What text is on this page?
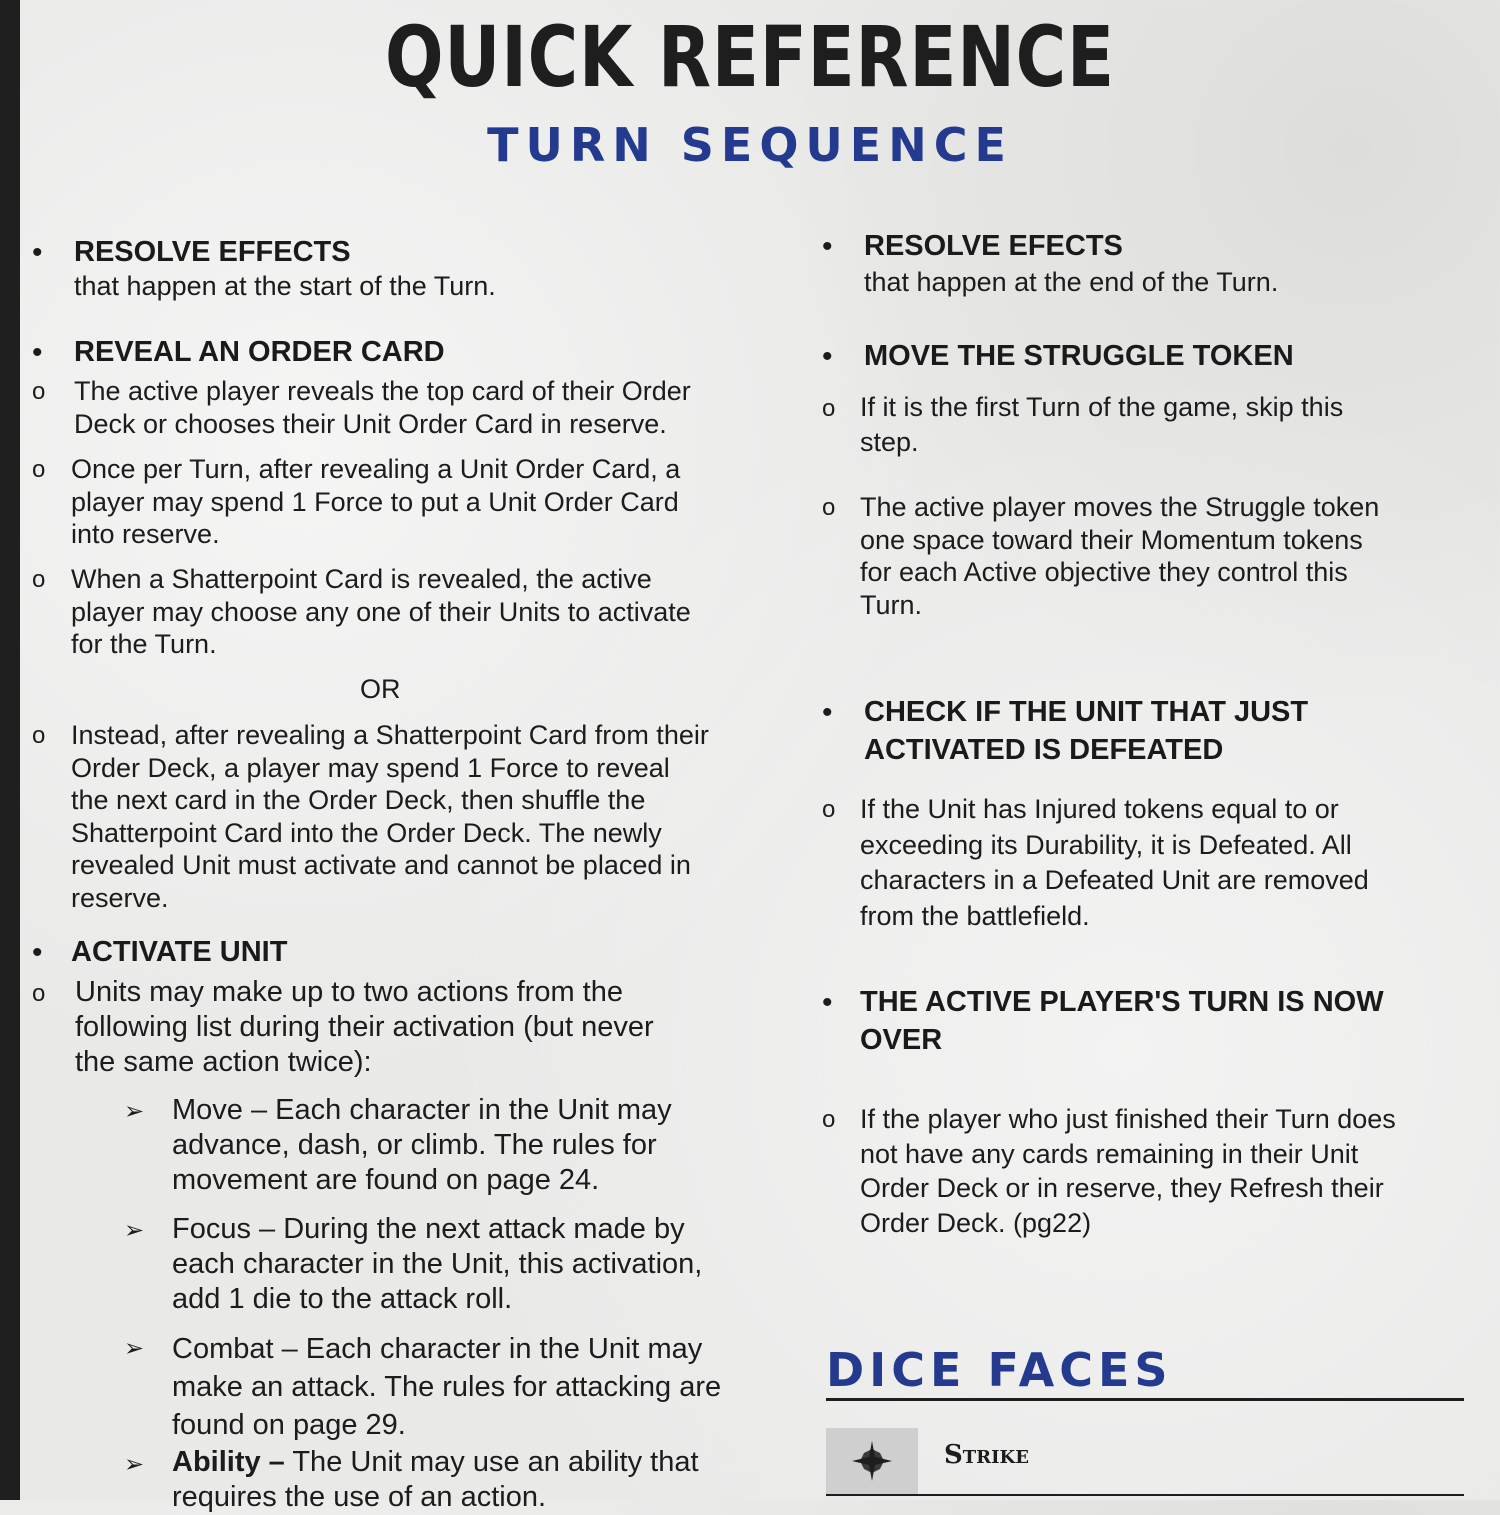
QUICK REFERENCE
TURN SEQUENCE
• RESOLVE EFFECTS
that happen at the start of the Turn.
• REVEAL AN ORDER CARD
o The active player reveals the top card of their Order
Deck or chooses their Unit Order Card in reserve.
o Once per Turn, after revealing a Unit Order Card, a
player may spend 1 Force to put a Unit Order Card
into reserve.
o When a Shatterpoint Card is revealed, the active
player may choose any one of their Units to activate
for the Turn.
OR
o Instead, after revealing a Shatterpoint Card from their
Order Deck, a player may spend 1 Force to reveal
the next card in the Order Deck, then shuffle the
Shatterpoint Card into the Order Deck. The newly
revealed Unit must activate and cannot be placed in
reserve.
• ACTIVATE UNIT
o Units may make up to two actions from the
following list during their activation (but never
the same action twice):
➢ Move – Each character in the Unit may
advance, dash, or climb. The rules for
movement are found on page 24.
➢ Focus – During the next attack made by
each character in the Unit, this activation,
add 1 die to the attack roll.
➢ Combat – Each character in the Unit may
make an attack. The rules for attacking are
found on page 29.
➢ Ability – The Unit may use an ability that
requires the use of an action.
• RESOLVE EFECTS
that happen at the end of the Turn.
• MOVE THE STRUGGLE TOKEN
o If it is the first Turn of the game, skip this
step.
o The active player moves the Struggle token
one space toward their Momentum tokens
for each Active objective they control this
Turn.
• CHECK IF THE UNIT THAT JUST
ACTIVATED IS DEFEATED
o If the Unit has Injured tokens equal to or
exceeding its Durability, it is Defeated. All
characters in a Defeated Unit are removed
from the battlefield.
• THE ACTIVE PLAYER'S TURN IS NOW
OVER
o If the player who just finished their Turn does
not have any cards remaining in their Unit
Order Deck or in reserve, they Refresh their
Order Deck. (pg22)
DICE FACES
Strike
